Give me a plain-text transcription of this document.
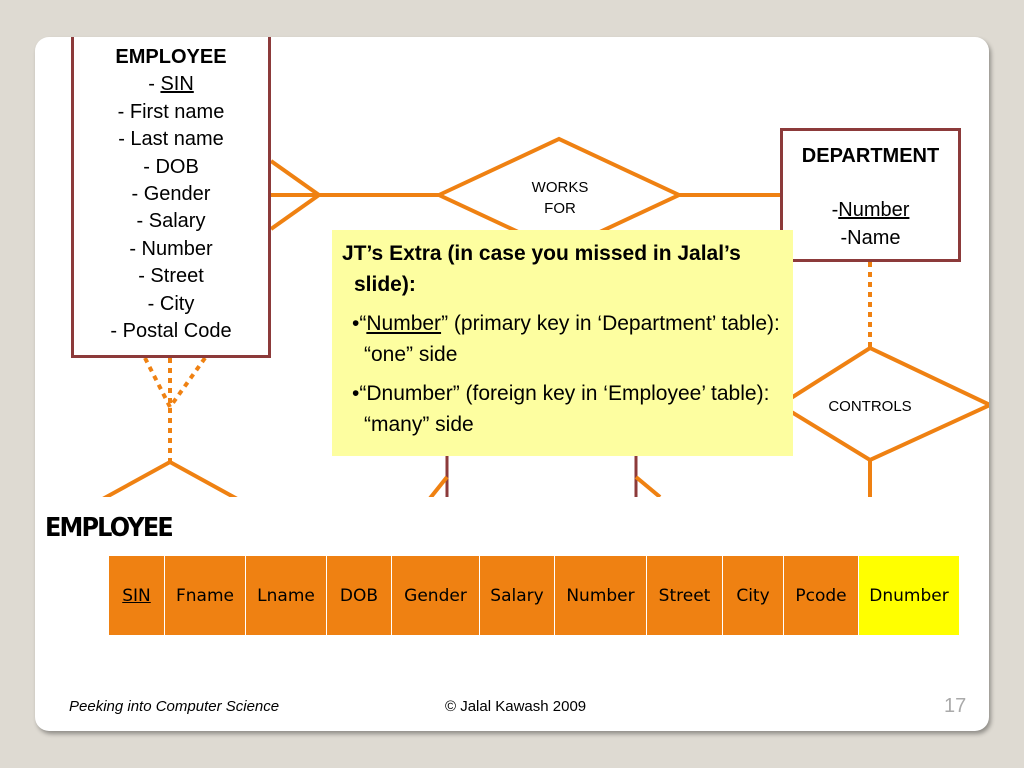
EMPLOYEE
- SIN
- First name
- Last name
- DOB
- Gender
- Salary
- Number
- Street
- City
- Postal Code
DEPARTMENT
-Number
-Name
WORKS
FOR
CONTROLS
JT’s Extra (in case you missed in Jalal’s slide):
•“Number” (primary key in ‘Department’ table): “one” side
•“Dnumber” (foreign key in ‘Employee’ table): “many” side
EMPLOYEE
SIN	Fname	Lname	DOB	Gender	Salary	Number	Street	City	Pcode	Dnumber
Peeking into Computer Science	© Jalal Kawash 2009	17
